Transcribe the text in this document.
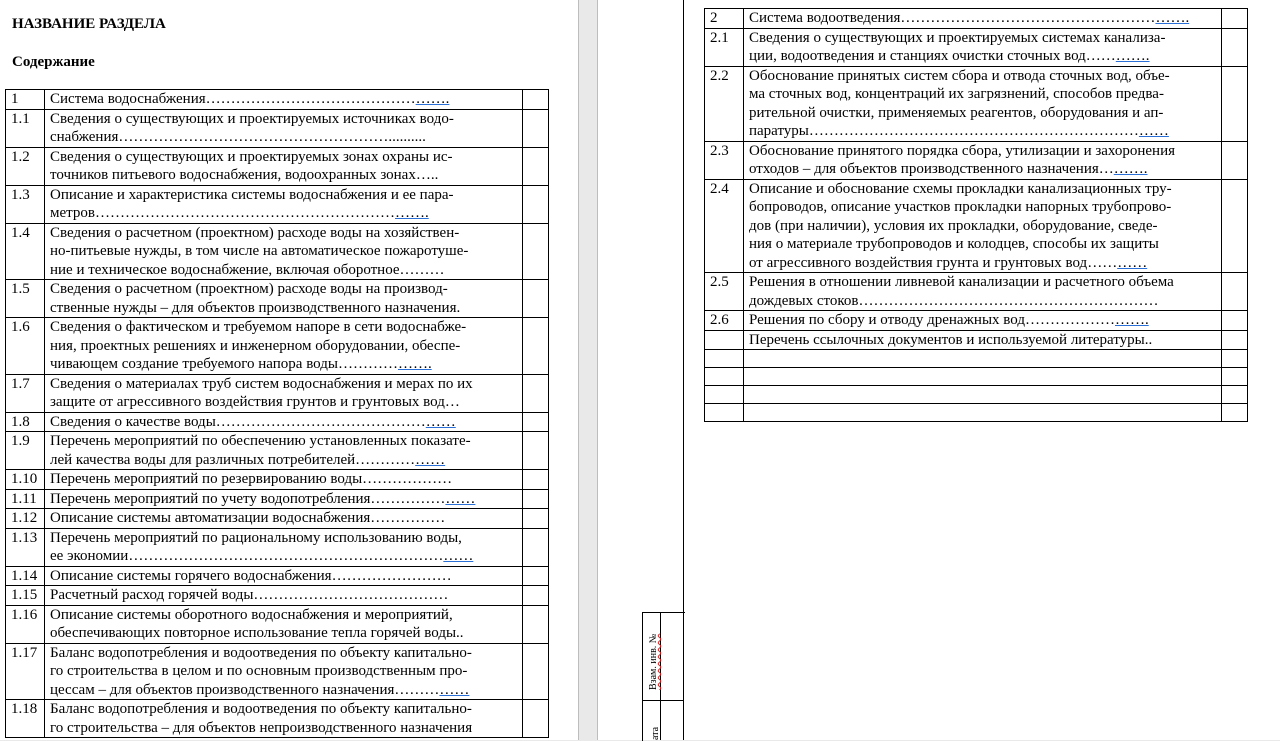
НАЗВАНИЕ РАЗДЕЛА
Содержание
1	Система водоснабжения………………………………………….	
1.1	Сведения о существующих и проектируемых источниках водо-
снабжения………………………………………………..........	
1.2	Сведения о существующих и проектируемых зонах охраны ис-
точников питьевого водоснабжения, водоохранных зонах…..	
1.3	Описание и характеристика системы водоснабжения и ее пара-
метров………………………………………………………….	
1.4	Сведения о расчетном (проектном) расходе воды на хозяйствен-
но-питьевые нужды, в том числе на автоматическое пожаротуше-
ние и техническое водоснабжение, включая оборотное………	
1.5	Сведения о расчетном (проектном) расходе воды на производ-
ственные нужды – для объектов производственного назначения.	
1.6	Сведения о фактическом и требуемом напоре в сети водоснабже-
ния, проектных решениях и инженерном оборудовании, обеспе-
чивающем создание требуемого напора воды……………….	
1.7	Сведения о материалах труб систем водоснабжения и мерах по их
защите от агрессивного воздействия грунтов и грунтовых вод…	
1.8	Сведения о качестве воды…………………………………………	
1.9	Перечень мероприятий по обеспечению установленных показате-
лей качества воды для различных потребителей………………	
1.10	Перечень мероприятий по резервированию воды………………	
1.11	Перечень мероприятий по учету водопотребления…………………	
1.12	Описание системы автоматизации водоснабжения……………	
1.13	Перечень мероприятий по рациональному использованию воды,
ее экономии……………………………………………………………	
1.14	Описание системы горячего водоснабжения……………………	
1.15	Расчетный расход горячей воды…………………………………	
1.16	Описание системы оборотного водоснабжения и мероприятий,
обеспечивающих повторное использование тепла горячей воды..	
1.17	Баланс водопотребления и водоотведения по объекту капитально-
го строительства в целом и по основным производственным про-
цессам – для объектов производственного назначения……………	
1.18	Баланс водопотребления и водоотведения по объекту капитально-
го строительства – для объектов непроизводственного назначения	
Взам. инв. №
ата
2	Система водоотведения………………………………………………….	
2.1	Сведения о существующих и проектируемых системах канализа-
ции, водоотведения и станциях очистки сточных вод………….	
2.2	Обоснование принятых систем сбора и отвода сточных вод, объе-
ма сточных вод, концентраций их загрязнений, способов предва-
рительной очистки, применяемых реагентов, оборудования и ап-
паратуры………………………………………………………………	
2.3	Обоснование принятого порядка сбора, утилизации и захоронения
отходов – для объектов производственного назначения……….	
2.4	Описание и обоснование схемы прокладки канализационных тру-
бопроводов, описание участков прокладки напорных трубопрово-
дов (при наличии), условия их прокладки, оборудование, сведе-
ния о материале трубопроводов и колодцев, способы их защиты
от агрессивного воздействия грунта и грунтовых вод…………	
2.5	Решения в отношении ливневой канализации и расчетного объема
дождевых стоков……………………………………………………	
2.6	Решения по сбору и отводу дренажных вод…………………….	
	Перечень ссылочных документов и используемой литературы..	
